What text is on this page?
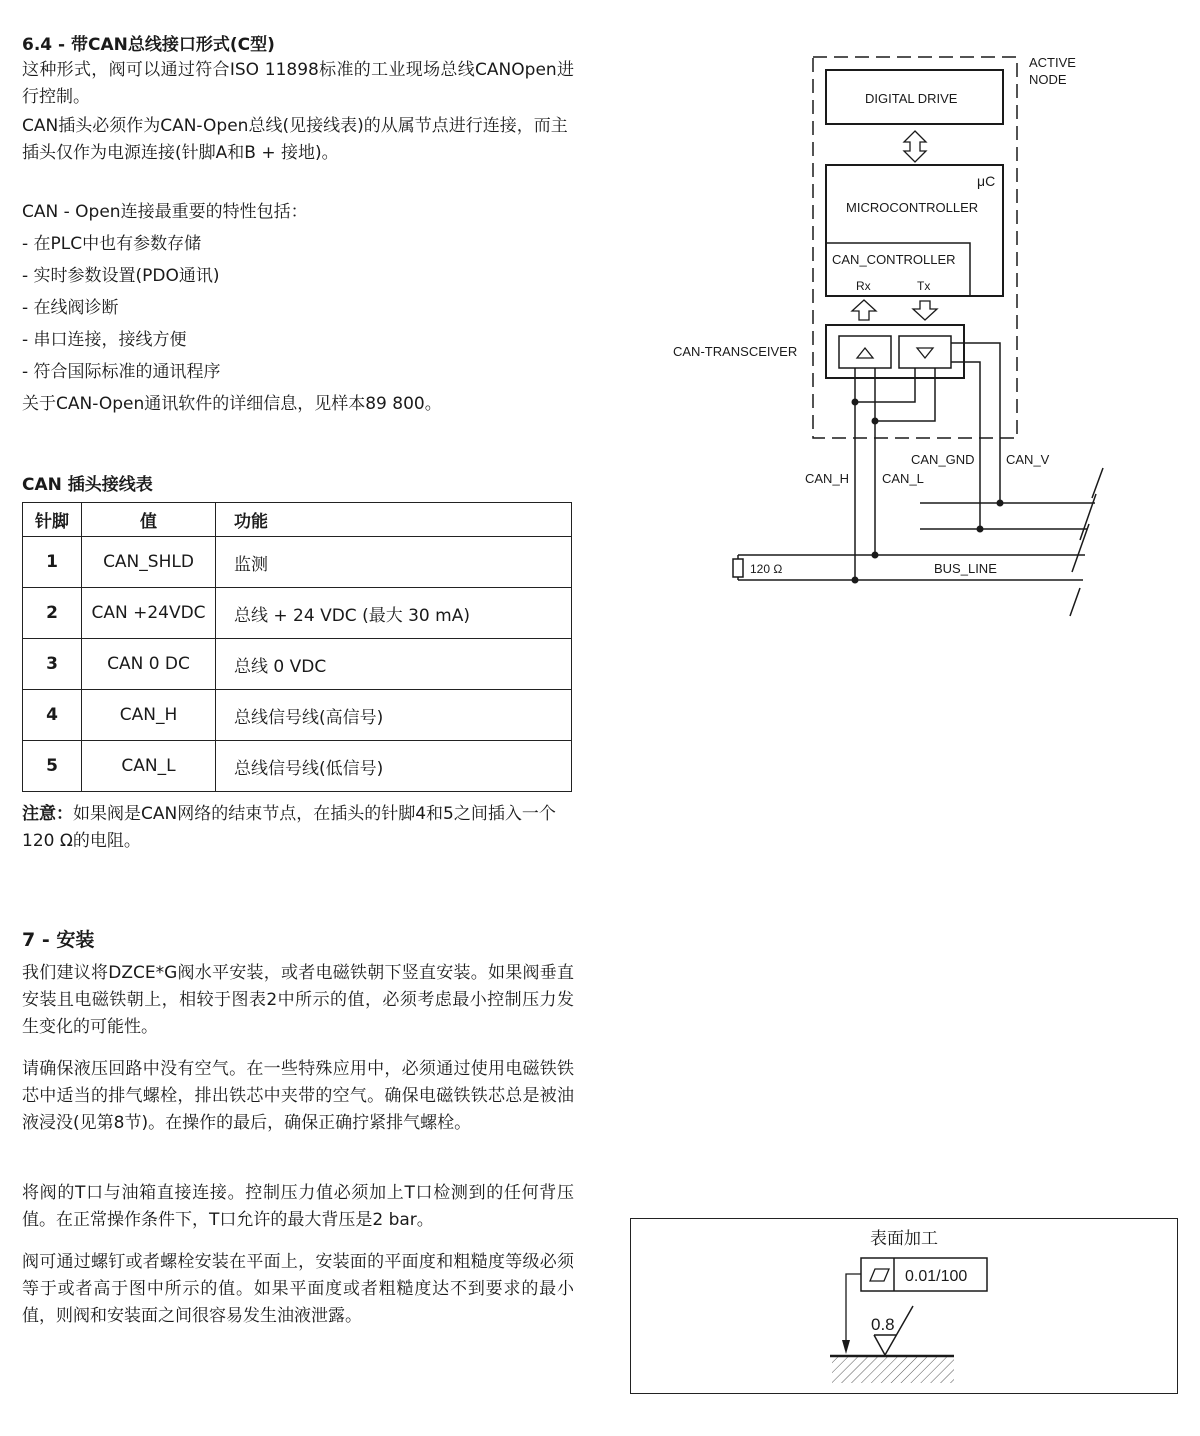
6.4 - 带CAN总线接口形式(C型)
这种形式，阀可以通过符合ISO 11898标准的工业现场总线CANOpen进行控制。
CAN插头必须作为CAN-Open总线(见接线表)的从属节点进行连接，而主插头仅作为电源连接(针脚A和B + 接地)。
CAN - Open连接最重要的特性包括：
- 在PLC中也有参数存储
- 实时参数设置(PDO通讯)
- 在线阀诊断
- 串口连接，接线方便
- 符合国际标准的通讯程序
关于CAN-Open通讯软件的详细信息，见样本89 800。
CAN 插头接线表
针脚	值	功能
1	CAN_SHLD	监测
2	CAN +24VDC	总线 + 24 VDC (最大 30 mA)
3	CAN 0 DC	总线 0 VDC
4	CAN_H	总线信号线(高信号)
5	CAN_L	总线信号线(低信号)
注意：如果阀是CAN网络的结束节点，在插头的针脚4和5之间插入一个120 Ω的电阻。
7 - 安装
我们建议将DZCE*G阀水平安装，或者电磁铁朝下竖直安装。如果阀垂直安装且电磁铁朝上，相较于图表2中所示的值，必须考虑最小控制压力发生变化的可能性。
请确保液压回路中没有空气。在一些特殊应用中，必须通过使用电磁铁铁芯中适当的排气螺栓，排出铁芯中夹带的空气。确保电磁铁铁芯总是被油液浸没(见第8节)。在操作的最后，确保正确拧紧排气螺栓。
将阀的T口与油箱直接连接。控制压力值必须加上T口检测到的任何背压值。在正常操作条件下，T口允许的最大背压是2 bar。
阀可通过螺钉或者螺栓安装在平面上，安装面的平面度和粗糙度等级必须等于或者高于图中所示的值。如果平面度或者粗糙度达不到要求的最小值，则阀和安装面之间很容易发生油液泄露。
ACTIVE
NODE
DIGITAL DRIVE
μC
MICROCONTROLLER
CAN_CONTROLLER
Rx	Tx
CAN-TRANSCEIVER
CAN_H	CAN_L
CAN_GND CAN_V
120 Ω	BUS_LINE
表面加工
0.01/100
0.8
